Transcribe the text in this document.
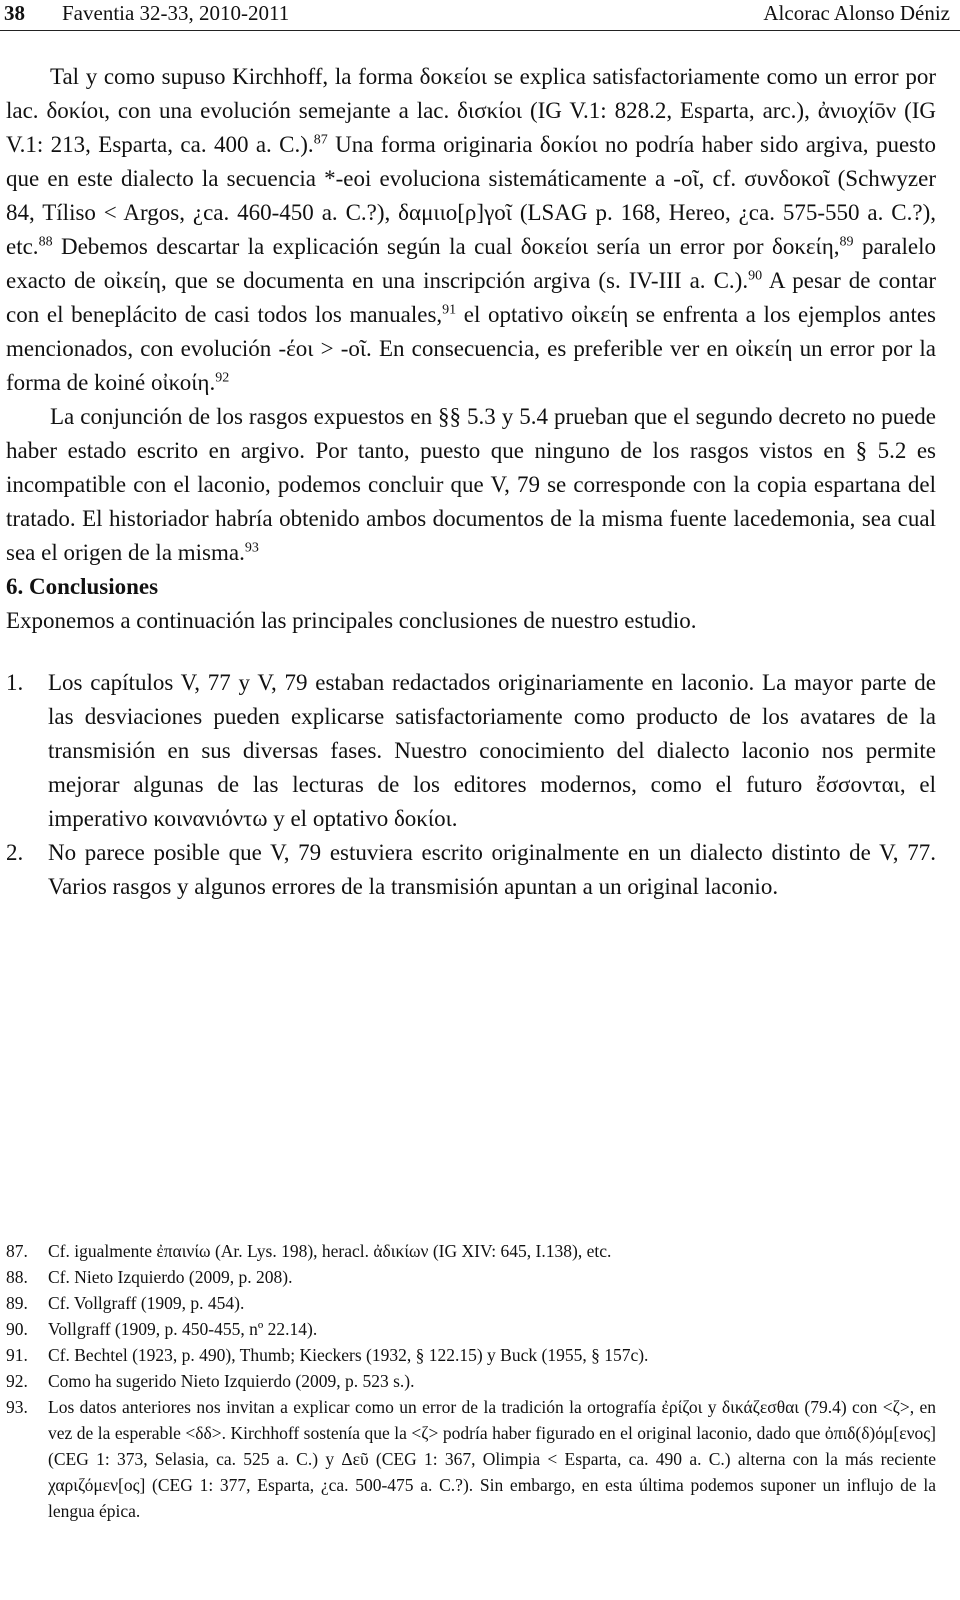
38 Faventia 32-33, 2010-2011	Alcorac Alonso Déniz

Tal y como supuso Kirchhoff, la forma δοκείοι se explica satisfactoriamente como un error por lac. δοκίοι, con una evolución semejante a lac. δισκίοι (IG V.1: 828.2, Esparta, arc.), ἀνιοχίōν (IG V.1: 213, Esparta, ca. 400 a. C.).$^{87}$ Una forma originaria δοκίοι no podría haber sido argiva, puesto que en este dialecto la secuencia *-eoi evoluciona sistemáticamente a -οῖ, cf. συνδοκοῖ (Schwyzer 84, Tíliso < Argos, ¿ca. 460-450 a. C.?), δαμιιο[ρ]γοῖ (LSAG p. 168, Hereo, ¿ca. 575-550 a. C.?), etc.$^{88}$ Debemos descartar la explicación según la cual δοκείοι sería un error por δοκείη,$^{89}$ paralelo exacto de οἰκείη, que se documenta en una inscripción argiva (s. IV-III a. C.).$^{90}$ A pesar de contar con el beneplácito de casi todos los manuales,$^{91}$ el optativo οἰκείη se enfrenta a los ejemplos antes mencionados, con evolución -έοι > -οῖ. En consecuencia, es preferible ver en οἰκείη un error por la forma de koiné οἰκοίη.$^{92}$

La conjunción de los rasgos expuestos en §§ 5.3 y 5.4 prueban que el segundo decreto no puede haber estado escrito en argivo. Por tanto, puesto que ninguno de los rasgos vistos en § 5.2 es incompatible con el laconio, podemos concluir que V, 79 se corresponde con la copia espartana del tratado. El historiador habría obtenido ambos documentos de la misma fuente lacedemonia, sea cual sea el origen de la misma.$^{93}$

6. Conclusiones

Exponemos a continuación las principales conclusiones de nuestro estudio.

1. Los capítulos V, 77 y V, 79 estaban redactados originariamente en laconio. La mayor parte de las desviaciones pueden explicarse satisfactoriamente como producto de los avatares de la transmisión en sus diversas fases. Nuestro conocimiento del dialecto laconio nos permite mejorar algunas de las lecturas de los editores modernos, como el futuro ἔσσονται, el imperativo κοινανιόντω y el optativo δοκίοι.
2. No parece posible que V, 79 estuviera escrito originalmente en un dialecto distinto de V, 77. Varios rasgos y algunos errores de la transmisión apuntan a un original laconio.

87. Cf. igualmente ἐπαινίω (Ar. Lys. 198), heracl. ἀδικίων (IG XIV: 645, I.138), etc.

88. Cf. Nieto Izquierdo (2009, p. 208).

89. Cf. Vollgraff (1909, p. 454).

90. Vollgraff (1909, p. 450-455, nº 22.14).

91. Cf. Bechtel (1923, p. 490), Thumb; Kieckers (1932, § 122.15) y Buck (1955, § 157c).

92. Como ha sugerido Nieto Izquierdo (2009, p. 523 s.).

93. Los datos anteriores nos invitan a explicar como un error de la tradición la ortografía ἐρίζοι y δικάζεσθαι (79.4) con <ζ>, en vez de la esperable <δδ>. Kirchhoff sostenía que la <ζ> podría haber figurado en el original laconio, dado que ὀπιδ(δ)όμ[ενος] (CEG 1: 373, Selasia, ca. 525 a. C.) y Δεῦ (CEG 1: 367, Olimpia < Esparta, ca. 490 a. C.) alterna con la más reciente χαριζόμεν[ος] (CEG 1: 377, Esparta, ¿ca. 500-475 a. C.?). Sin embargo, en esta última podemos suponer un influjo de la lengua épica.
